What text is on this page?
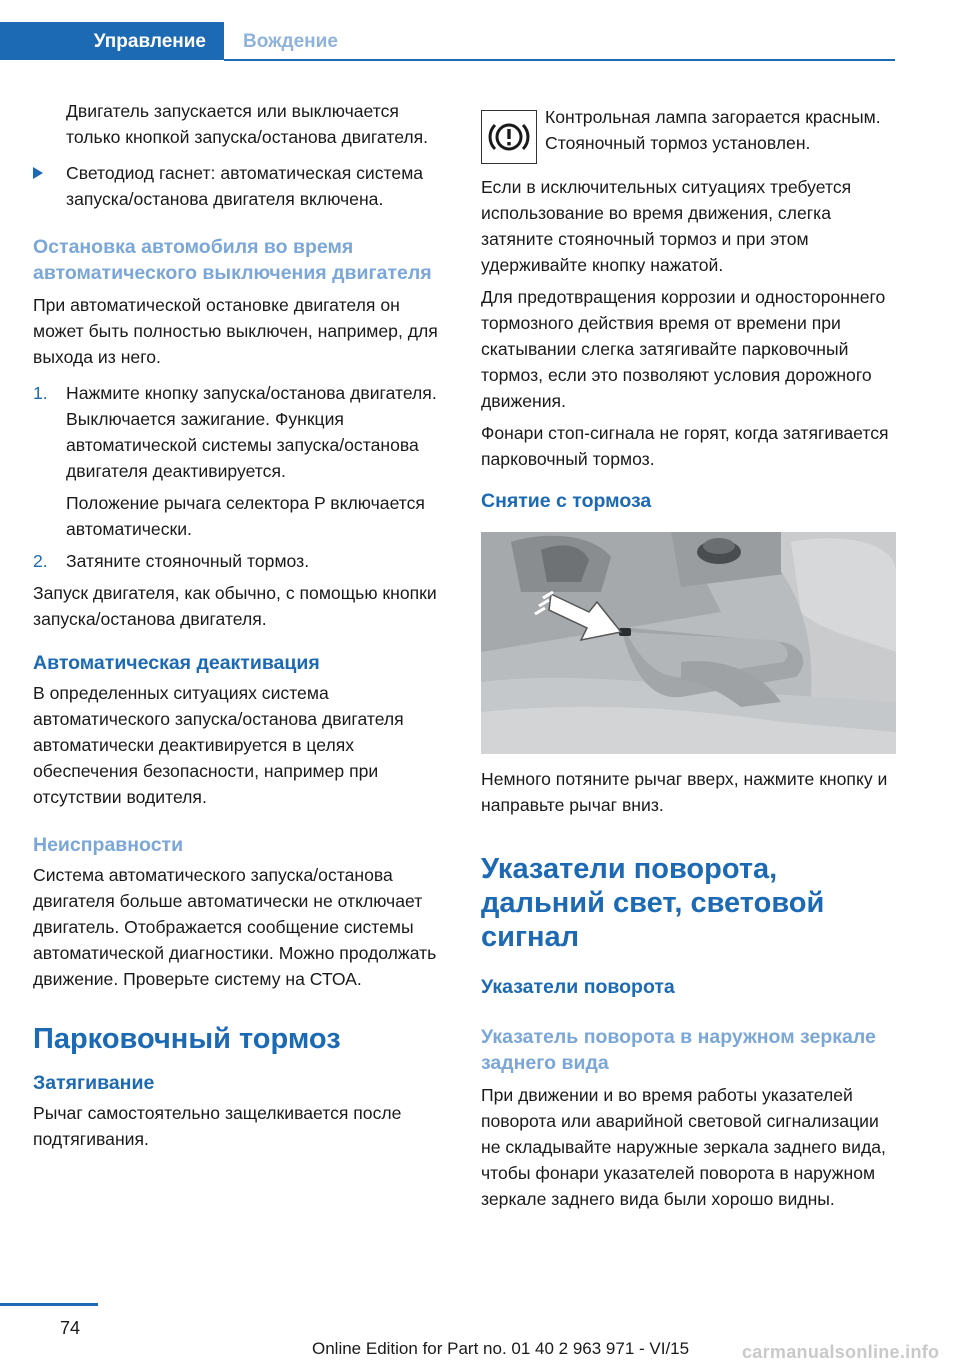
Управление Вождение

Двигатель запускается или выключается только кнопкой запуска/останова двигателя.

Светодиод гаснет: автоматическая система запуска/останова двигателя включена.

Остановка автомобиля во время автоматического выключения двигателя

При автоматической остановке двигателя он может быть полностью выключен, например, для выхода из него.

1. Нажмите кнопку запуска/останова двигателя. Выключается зажигание. Функция автоматической системы запуска/останова двигателя деактивируется.

Положение рычага селектора P включается автоматически.

2. Затяните стояночный тормоз.

Запуск двигателя, как обычно, с помощью кнопки запуска/останова двигателя.

Автоматическая деактивация

В определенных ситуациях система автоматического запуска/останова двигателя автоматически деактивируется в целях обеспечения безопасности, например при отсутствии водителя.

Неисправности

Система автоматического запуска/останова двигателя больше автоматически не отключает двигатель. Отображается сообщение системы автоматической диагностики. Можно продолжать движение. Проверьте систему на СТОА.

Парковочный тормоз

Затягивание

Рычаг самостоятельно защелкивается после подтягивания.

Контрольная лампа загорается красным. Стояночный тормоз установлен.

Если в исключительных ситуациях требуется использование во время движения, слегка затяните стояночный тормоз и при этом удерживайте кнопку нажатой.

Для предотвращения коррозии и одностороннего тормозного действия время от времени при скатывании слегка затягивайте парковочный тормоз, если это позволяют условия дорожного движения.

Фонари стоп-сигнала не горят, когда затягивается парковочный тормоз.

Снятие с тормоза

Немного потяните рычаг вверх, нажмите кнопку и направьте рычаг вниз.

Указатели поворота, дальний свет, световой сигнал

Указатели поворота

Указатель поворота в наружном зеркале заднего вида

При движении и во время работы указателей поворота или аварийной световой сигнализации не складывайте наружные зеркала заднего вида, чтобы фонари указателей поворота в наружном зеркале заднего вида были хорошо видны.

74
Online Edition for Part no. 01 40 2 963 971 - VI/15	carmanualsonline.info
